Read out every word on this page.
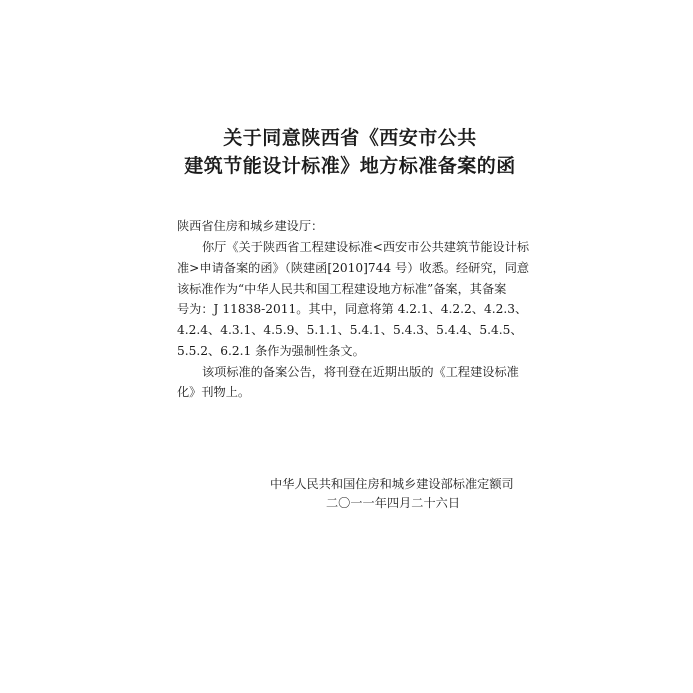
关于同意陕西省《西安市公共
建筑节能设计标准》地方标准备案的函
陕西省住房和城乡建设厅：
你厅《关于陕西省工程建设标准<西安市公共建筑节能设计标
准>申请备案的函》（陕建函[2010]744 号）收悉。经研究，同意
该标准作为“中华人民共和国工程建设地方标准”备案，其备案
号为：J 11838-2011。其中，同意将第 4.2.1、4.2.2、4.2.3、
4.2.4、4.3.1、4.5.9、5.1.1、5.4.1、5.4.3、5.4.4、5.4.5、
5.5.2、6.2.1 条作为强制性条文。
该项标准的备案公告，将刊登在近期出版的《工程建设标准
化》刊物上。
中华人民共和国住房和城乡建设部标准定额司
二〇一一年四月二十六日
